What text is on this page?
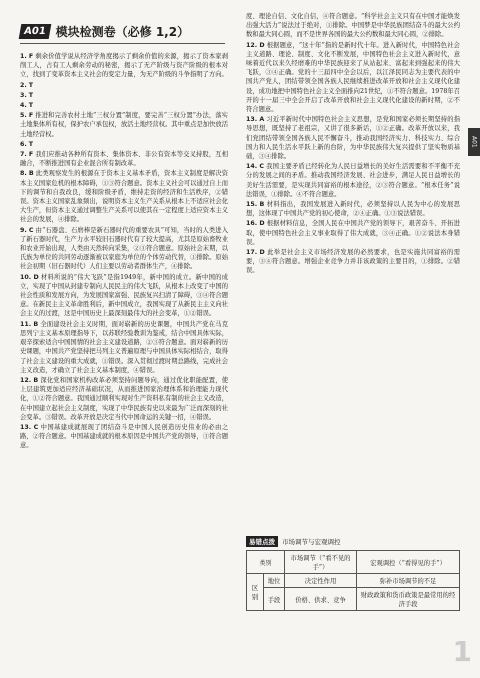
A01 模块检测卷（必修 1,2）

1. F 剩余价值学说从经济学角度揭示了剩余价值的来源，揭示了资本家剥削工人，占有工人剩余劳动的秘密，揭示了无产阶级与资产阶级的根本对立，找到了变革资本主义社会的变定力量，为无产阶级的斗争指明了方向。

2. T

3. T

4. T

5. F 推进和完善农村土地“三权分置”制度，要完善“三权分置”办法，落实土地集体所有权，保护农户承包权，放活土地经营权。其中重点是加快放活土地经营权。

6. T

7. F 我们应推动各种所有资本、集体资本、非公有资本等交叉持股，互相融合，不断推进国有企业混合所有制改革。

8. B 此类观察发生的根源在于资本主义基本矛盾，资本主义制度是解决资本主义国家危机的根本障碍，①③符合题意。资本主义社会可以通过自上而下的调节和自我改良，缓和阶级矛盾，维持走资的经济和生活秩序，②错误。资本主义国家乱象频出，说明资本主义生产关系从根本上不适应社会化大生产，但资本主义通过调整生产关系可以使其在一定程度上适应资本主义社会的发展，④排除。

9. C 由“石器盘、石磨棒是新石器时代的重要农具”可知，当时的人类进入了新石器时代，生产力水平较旧石器时代有了较大提高，尤其是原始畜牧业和农业开始出现，人类由天然转向采集，②③符合题意。原始社会末期，以氏族为单位的共同劳动逐渐被以家庭为单位的个体劳动代替，①排除。原始社会初期（旧石器时代）人们主要以劳动者群体生产，④排除。

10. D 材料所说的“伟大飞跃”是指1949年，新中国的成立。新中国的成立，实现了中国从封建专制向人民民主的伟大飞跃，从根本上改变了中国的社会性质和发展方向，为发展国家富强、民族复兴扫清了障碍，③④符合题意。在新民主主义革命胜利后，新中国成立，我国实现了从新民主主义向社会主义的过渡，这是中国历史上最深刻最伟大的社会变革，①②错误。

11. B 全面建设社会主义时期，面对崭新的历史课题，中国共产党在马克思列宁主义基本原理指导下，以苏联经验教训为鉴戒，结合中国具体实际，艰辛探索适合中国国情的社会主义建设道路，②③符合题意。面对崭新的历史课题，中国共产党坚持把马列主义普遍原理与中国具体实际相结合，取得了社会主义建设的重大成就，①错误。深入贯彻过渡时期总路线，完成社会主义改造，才确立了社会主义基本制度，④错误。

12. B 深化党和国家机构改革必须坚持问题导向，通过优化职能配置，使上层建筑更加适应经济基础状况，从而推进国家治理体系和治理能力现代化，①②符合题意。我国通过顺利实现对生产资料私有制的社会主义改造，在中国建立起社会主义制度，实现了中华民族有史以来最为广泛而深刻的社会变革。③错误。改革开放是决定当代中国命运的关键一招，④错误。

13. C 中国基建成就展现了团结奋斗是中国人民创造历史伟业的必由之路，②符合题意。中国基建成就的根本原因是中国共产党的领导，③符合题意。

度、理论自信、文化自信，④符合题意。“科学社会主义只有在中国才能焕发出强大活力”说法过于绝对，①排除。中国梦是中华民族团结奋斗的最大公约数和最大同心圆，而不是世界各国的最大公约数和最大同心圆，②排除。

12. D 根据题意，“这十年”指的是新时代十年。进入新时代，中国特色社会主义道路、理论、制度、文化不断发展，中国特色社会主义进入新时代，意味着近代以来久经磨难的中华民族迎来了从站起来、富起来到强起来的伟大飞跃，③④正确。党的十三届四中全会以后，以江泽民同志为主要代表的中国共产党人，团结带领全国各族人民继续推进改革开放和社会主义现代化建设，成功地把中国特色社会主义全面推向21世纪，①不符合题意。1978年召开的十一届三中全会开启了改革开放和社会主义现代化建设的新时期，②不符合题意。

13. A 习近平新时代中国特色社会主义思想，是党和国家必须长期坚持的指导思想，既坚持了老祖宗，又讲了很多新话，①②正确。改革开放以来，我们党团结带领全国各族人民不懈奋斗，推动我国经济实力、科技实力、综合国力和人民生活水平跃上新的台阶，为中华民族伟大复兴提供了坚实物质基础，③④排除。

14. C 我国主要矛盾已经转化为人民日益增长的美好生活需要和不平衡不充分的发展之间的矛盾。推动我国经济发展、社会进步，满足人民日益增长的美好生活需要，是实现共同富裕的根本途径，②③符合题意。“根本任务”说法错误，①排除。④不符合题意。

15. B 材料指出，我国发展进入新时代，必须坚持以人民为中心的发展思想，这体现了中国共产党的初心使命，②④正确。①③说法错误。

16. D 根据材料信息，全国人民在中国共产党的领导下，艰苦奋斗、开拓进取，使中国特色社会主义事业取得了伟大成就，③④正确。①②说法本身错误。

17. D 此举是社会主义市场经济发展的必然要求，也是实施共同富裕的需要，③④符合题意。增强企业竞争力并非该政策的主要目的，①排除。②错误。

A01
易错点拨	市场调节与宏观调控
类别		市场调节（“看不见的手”）	宏观调控（“看得见的手”）
区别	地位	决定性作用	弥补市场调节的不足
	手段	价格、供求、竞争	财政政策和货币政策是最常用的经济手段
1
